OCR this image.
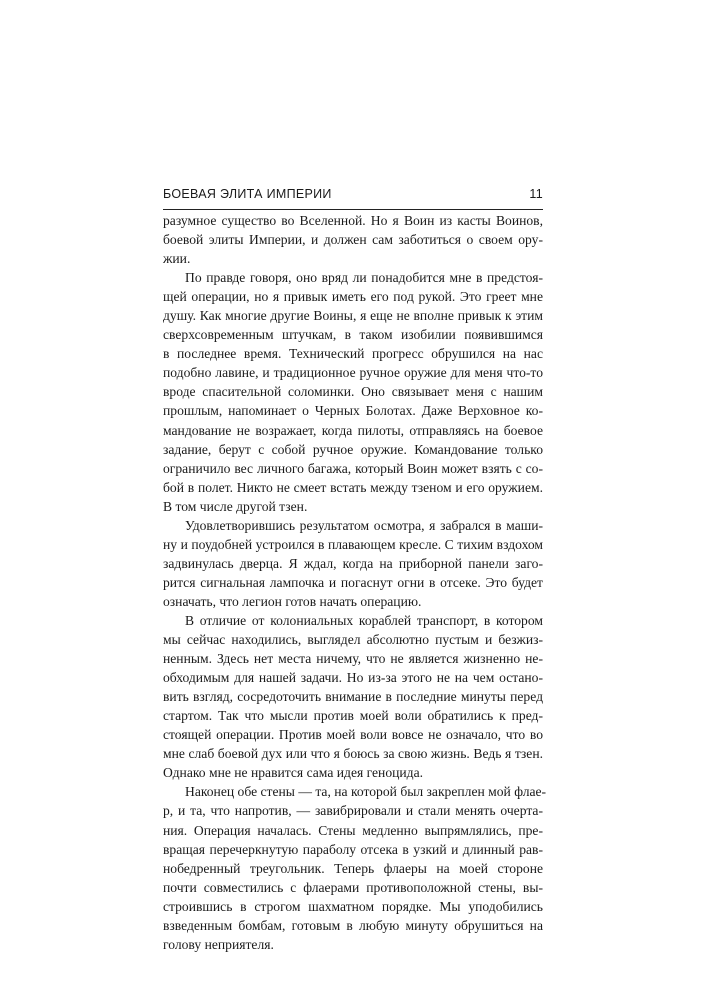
БОЕВАЯ ЭЛИТА ИМПЕРИИ	11
разумное существо во Вселенной. Но я Воин из касты Воинов,
боевой элиты Империи, и должен сам заботиться о своем ору-
жии.
По правде говоря, оно вряд ли понадобится мне в предстоя-
щей операции, но я привык иметь его под рукой. Это греет мне
душу. Как многие другие Воины, я еще не вполне привык к этим
сверхсовременным штучкам, в таком изобилии появившимся
в последнее время. Технический прогресс обрушился на нас
подобно лавине, и традиционное ручное оружие для меня что-то
вроде спасительной соломинки. Оно связывает меня с нашим
прошлым, напоминает о Черных Болотах. Даже Верховное ко-
мандование не возражает, когда пилоты, отправляясь на боевое
задание, берут с собой ручное оружие. Командование только
ограничило вес личного багажа, который Воин может взять с со-
бой в полет. Никто не смеет встать между тзеном и его оружием.
В том числе другой тзен.
Удовлетворившись результатом осмотра, я забрался в маши-
ну и поудобней устроился в плавающем кресле. С тихим вздохом
задвинулась дверца. Я ждал, когда на приборной панели заго-
рится сигнальная лампочка и погаснут огни в отсеке. Это будет
означать, что легион готов начать операцию.
В отличие от колониальных кораблей транспорт, в котором
мы сейчас находились, выглядел абсолютно пустым и безжиз-
ненным. Здесь нет места ничему, что не является жизненно не-
обходимым для нашей задачи. Но из-за этого не на чем остано-
вить взгляд, сосредоточить внимание в последние минуты перед
стартом. Так что мысли против моей воли обратились к пред-
стоящей операции. Против моей воли вовсе не означало, что во
мне слаб боевой дух или что я боюсь за свою жизнь. Ведь я тзен.
Однако мне не нравится сама идея геноцида.
Наконец обе стены — та, на которой был закреплен мой флае-
р, и та, что напротив, — завибрировали и стали менять очерта-
ния. Операция началась. Стены медленно выпрямлялись, пре-
вращая перечеркнутую параболу отсека в узкий и длинный рав-
нобедренный треугольник. Теперь флаеры на моей стороне
почти совместились с флаерами противоположной стены, вы-
строившись в строгом шахматном порядке. Мы уподобились
взведенным бомбам, готовым в любую минуту обрушиться на
голову неприятеля.
